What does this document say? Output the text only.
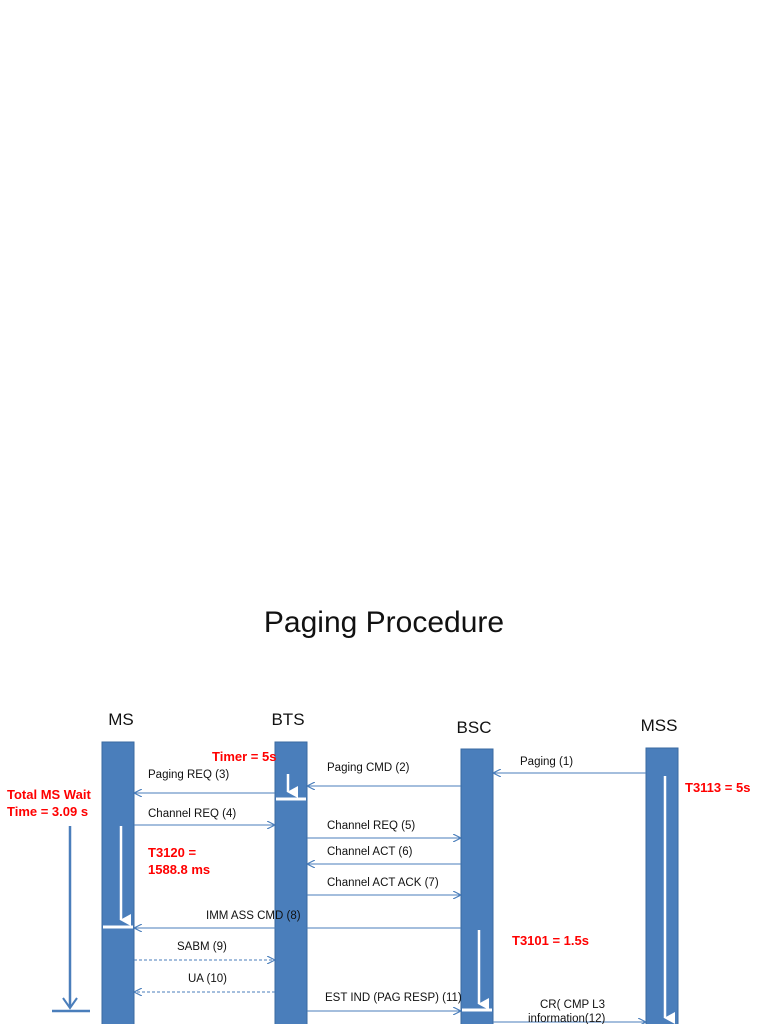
Paging Procedure
MS	BTS	BSC	MSS
Paging (1)
Paging CMD (2)
Paging REQ (3)
Channel REQ (4)
Channel REQ (5)
Channel ACT (6)
Channel ACT ACK (7)
IMM ASS CMD (8)
SABM (9)
UA (10)
EST IND (PAG RESP) (11)
CR( CMP L3
information(12)
Timer = 5s
T3113 = 5s
T3120 =
1588.8 ms
T3101 = 1.5s
Total MS Wait
Time = 3.09 s
